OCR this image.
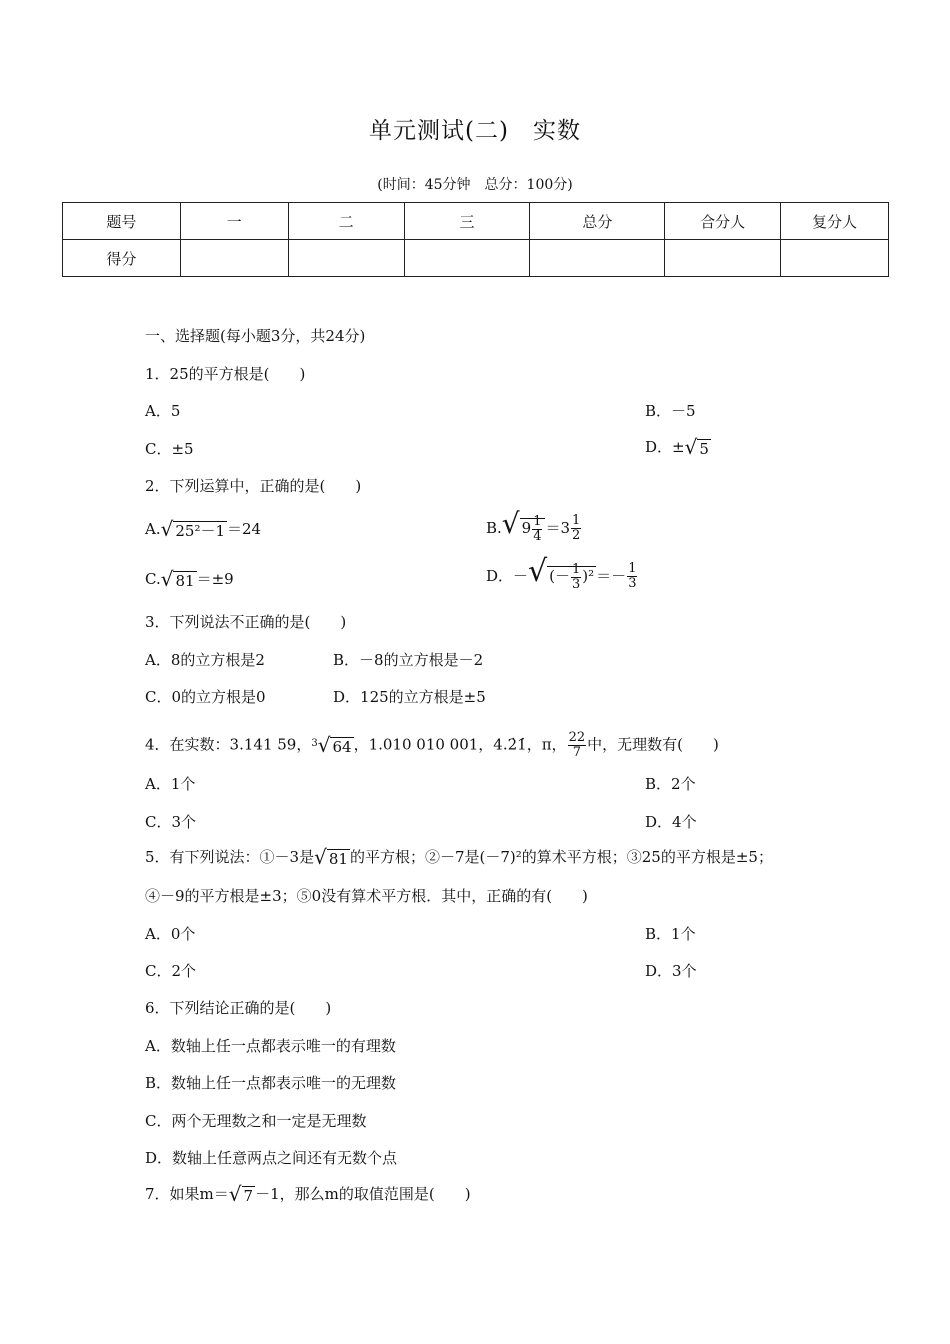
单元测试(二)　实数
(时间：45分钟　总分：100分)
题号	一	二	三	总分	合分人	复分人
得分						
一、选择题(每小题3分，共24分)
1．25的平方根是(　　)
A．5	B．－5
C．±5	D．±√ 5
2．下列运算中，正确的是(　　)
A.√ 25²－1 ＝24	B.√ $9 \frac{1}{4} =3 \frac{1}{2}$
C.√ 81 ＝±9	D．－√ (－ $\frac{1}{3} )^2 =- \frac{1}{3}$
3．下列说法不正确的是(　　)
A．8的立方根是2	B．－8的立方根是－2
C．0的立方根是0	D．125的立方根是±5
4．在实数：3.141 59，$^3$√ 64 ，1.010 010 001，4.2̇1̇，π， $\frac{22}{7}$ 中，无理数有(　　)
A．1个	B．2个
C．3个	D．4个
5．有下列说法：①－3是√ 81 的平方根；②－7是(－7)²的算术平方根；③25的平方根是±5；
④－9的平方根是±3；⑤0没有算术平方根．其中，正确的有(　　)
A．0个	B．1个
C．2个	D．3个
6．下列结论正确的是(　　)
A．数轴上任一点都表示唯一的有理数
B．数轴上任一点都表示唯一的无理数
C．两个无理数之和一定是无理数
D．数轴上任意两点之间还有无数个点
7．如果m＝√ 7 －1，那么m的取值范围是(　　)
